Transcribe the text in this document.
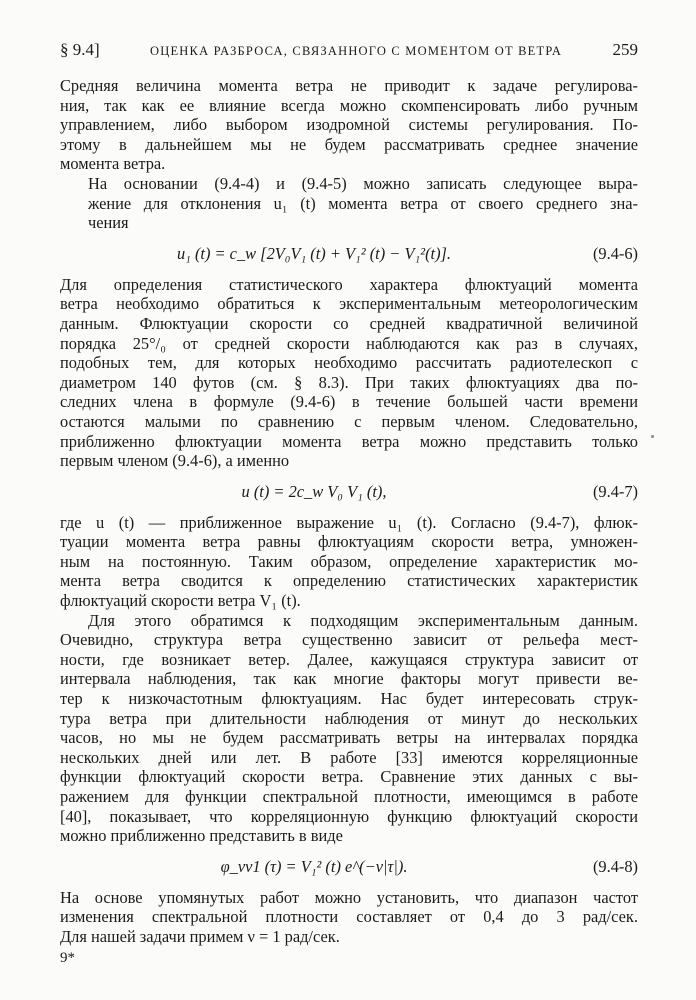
§ 9.4]	ОЦЕНКА РАЗБРОСА, СВЯЗАННОГО С МОМЕНТОМ ОТ ВЕТРА	259

Средняя величина момента ветра не приводит к задаче регулирова-
ния, так как ее влияние всегда можно скомпенсировать либо ручным
управлением, либо выбором изодромной системы регулирования. По-
этому в дальнейшем мы не будем рассматривать среднее значение
момента ветра.

На основании (9.4-4) и (9.4-5) можно записать следующее выра-
жение для отклонения u₁ (t) момента ветра от своего среднего зна-
чения

u₁ (t) = c_w [2V₀V₁ (t) + V₁² (t) − V₁²(t)].	(9.4-6)

Для определения статистического характера флюктуаций момента
ветра необходимо обратиться к экспериментальным метеорологическим
данным. Флюктуации скорости со средней квадратичной величиной
порядка 25°/₀ от средней скорости наблюдаются как раз в случаях,
подобных тем, для которых необходимо рассчитать радиотелескоп с
диаметром 140 футов (см. § 8.3). При таких флюктуациях два по-
следних члена в формуле (9.4-6) в течение большей части времени
остаются малыми по сравнению с первым членом. Следовательно,
приближенно флюктуации момента ветра можно представить только
первым членом (9.4-6), а именно

u (t) = 2c_w V₀ V₁ (t),	(9.4-7)

где u (t) — приближенное выражение u₁ (t). Согласно (9.4-7), флюк-
туации момента ветра равны флюктуациям скорости ветра, умножен-
ным на постоянную. Таким образом, определение характеристик мо-
мента ветра сводится к определению статистических характеристик
флюктуаций скорости ветра V₁ (t).

Для этого обратимся к подходящим экспериментальным данным.
Очевидно, структура ветра существенно зависит от рельефа мест-
ности, где возникает ветер. Далее, кажущаяся структура зависит от
интервала наблюдения, так как многие факторы могут привести ве-
тер к низкочастотным флюктуациям. Нас будет интересовать струк-
тура ветра при длительности наблюдения от минут до нескольких
часов, но мы не будем рассматривать ветры на интервалах порядка
нескольких дней или лет. В работе [33] имеются корреляционные
функции флюктуаций скорости ветра. Сравнение этих данных с вы-
ражением для функции спектральной плотности, имеющимся в работе
[40], показывает, что корреляционную функцию флюктуаций скорости
можно приближенно представить в виде

φ_vv1 (τ) = V₁² (t) e^(−ν|τ|).	(9.4-8)

На основе упомянутых работ можно установить, что диапазон частот
изменения спектральной плотности составляет от 0,4 до 3 рад/сек.
Для нашей задачи примем ν = 1 рад/сек.

9*
